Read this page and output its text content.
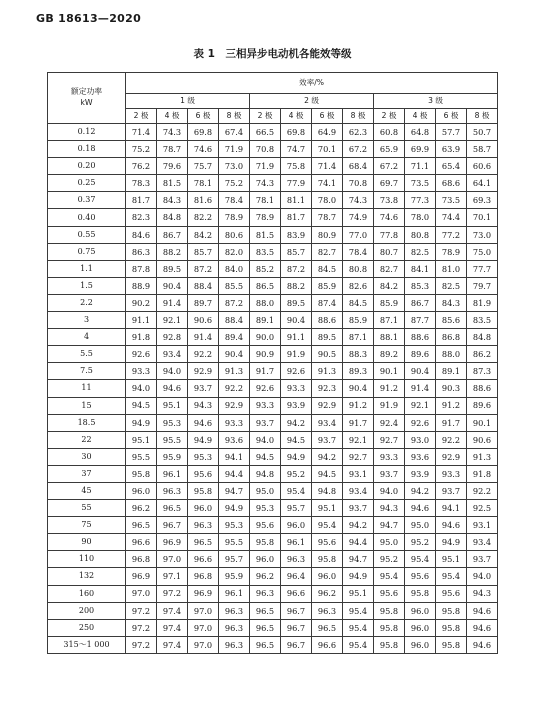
GB 18613—2020
表 1　三相异步电动机各能效等级
额定功率
kW	效率/%											
	1 级				2 级				3 级			
	2 极	4 极	6 极	8 极	2 极	4 极	6 极	8 极	2 极	4 极	6 极	8 极
0.12	71.4	74.3	69.8	67.4	66.5	69.8	64.9	62.3	60.8	64.8	57.7	50.7
0.18	75.2	78.7	74.6	71.9	70.8	74.7	70.1	67.2	65.9	69.9	63.9	58.7
0.20	76.2	79.6	75.7	73.0	71.9	75.8	71.4	68.4	67.2	71.1	65.4	60.6
0.25	78.3	81.5	78.1	75.2	74.3	77.9	74.1	70.8	69.7	73.5	68.6	64.1
0.37	81.7	84.3	81.6	78.4	78.1	81.1	78.0	74.3	73.8	77.3	73.5	69.3
0.40	82.3	84.8	82.2	78.9	78.9	81.7	78.7	74.9	74.6	78.0	74.4	70.1
0.55	84.6	86.7	84.2	80.6	81.5	83.9	80.9	77.0	77.8	80.8	77.2	73.0
0.75	86.3	88.2	85.7	82.0	83.5	85.7	82.7	78.4	80.7	82.5	78.9	75.0
1.1	87.8	89.5	87.2	84.0	85.2	87.2	84.5	80.8	82.7	84.1	81.0	77.7
1.5	88.9	90.4	88.4	85.5	86.5	88.2	85.9	82.6	84.2	85.3	82.5	79.7
2.2	90.2	91.4	89.7	87.2	88.0	89.5	87.4	84.5	85.9	86.7	84.3	81.9
3	91.1	92.1	90.6	88.4	89.1	90.4	88.6	85.9	87.1	87.7	85.6	83.5
4	91.8	92.8	91.4	89.4	90.0	91.1	89.5	87.1	88.1	88.6	86.8	84.8
5.5	92.6	93.4	92.2	90.4	90.9	91.9	90.5	88.3	89.2	89.6	88.0	86.2
7.5	93.3	94.0	92.9	91.3	91.7	92.6	91.3	89.3	90.1	90.4	89.1	87.3
11	94.0	94.6	93.7	92.2	92.6	93.3	92.3	90.4	91.2	91.4	90.3	88.6
15	94.5	95.1	94.3	92.9	93.3	93.9	92.9	91.2	91.9	92.1	91.2	89.6
18.5	94.9	95.3	94.6	93.3	93.7	94.2	93.4	91.7	92.4	92.6	91.7	90.1
22	95.1	95.5	94.9	93.6	94.0	94.5	93.7	92.1	92.7	93.0	92.2	90.6
30	95.5	95.9	95.3	94.1	94.5	94.9	94.2	92.7	93.3	93.6	92.9	91.3
37	95.8	96.1	95.6	94.4	94.8	95.2	94.5	93.1	93.7	93.9	93.3	91.8
45	96.0	96.3	95.8	94.7	95.0	95.4	94.8	93.4	94.0	94.2	93.7	92.2
55	96.2	96.5	96.0	94.9	95.3	95.7	95.1	93.7	94.3	94.6	94.1	92.5
75	96.5	96.7	96.3	95.3	95.6	96.0	95.4	94.2	94.7	95.0	94.6	93.1
90	96.6	96.9	96.5	95.5	95.8	96.1	95.6	94.4	95.0	95.2	94.9	93.4
110	96.8	97.0	96.6	95.7	96.0	96.3	95.8	94.7	95.2	95.4	95.1	93.7
132	96.9	97.1	96.8	95.9	96.2	96.4	96.0	94.9	95.4	95.6	95.4	94.0
160	97.0	97.2	96.9	96.1	96.3	96.6	96.2	95.1	95.6	95.8	95.6	94.3
200	97.2	97.4	97.0	96.3	96.5	96.7	96.3	95.4	95.8	96.0	95.8	94.6
250	97.2	97.4	97.0	96.3	96.5	96.7	96.5	95.4	95.8	96.0	95.8	94.6
315～1 000	97.2	97.4	97.0	96.3	96.5	96.7	96.6	95.4	95.8	96.0	95.8	94.6
